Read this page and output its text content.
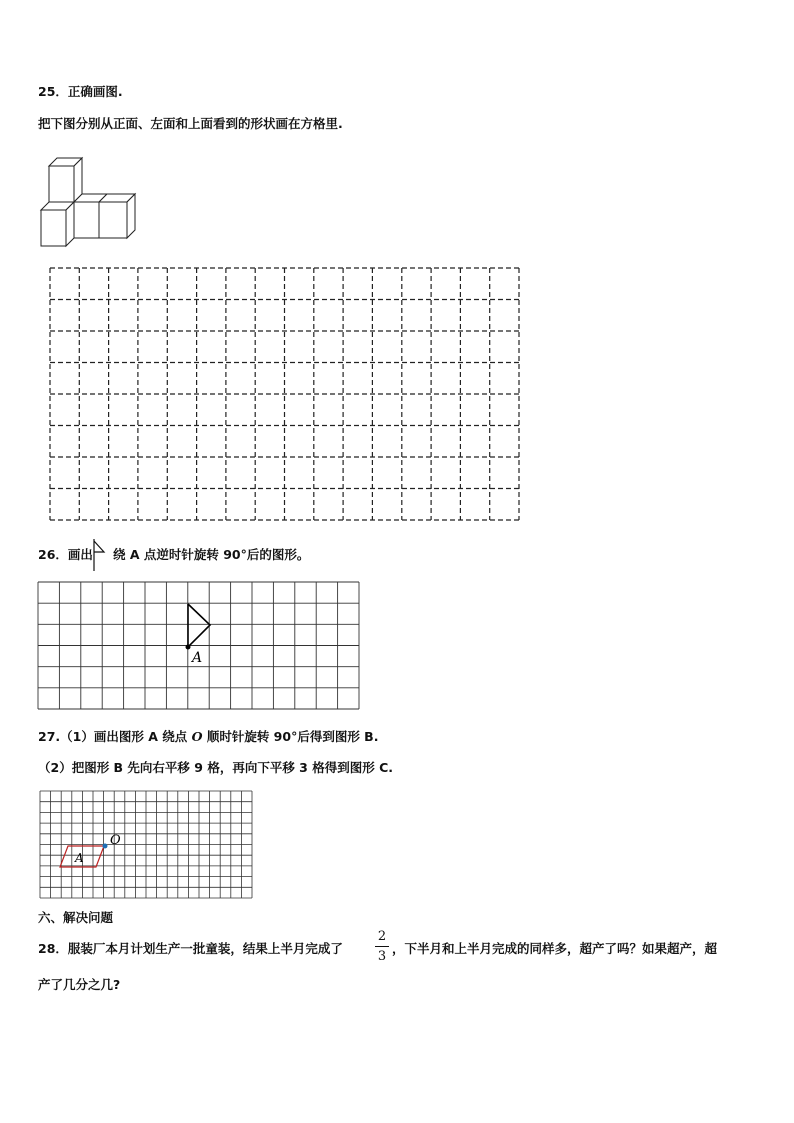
25．正确画图.
把下图分别从正面、左面和上面看到的形状画在方格里.
26．画出 绕 A 点逆时针旋转 90°后的图形。
A
27.（1）画出图形 A 绕点 O 顺时针旋转 90°后得到图形 B.
（2）把图形 B 先向右平移 9 格，再向下平移 3 格得到图形 C.
A
O
六、解决问题
28．服装厂本月计划生产一批童装，结果上半月完成了
2
3
，下半月和上半月完成的同样多，超产了吗？如果超产，超
产了几分之几?
